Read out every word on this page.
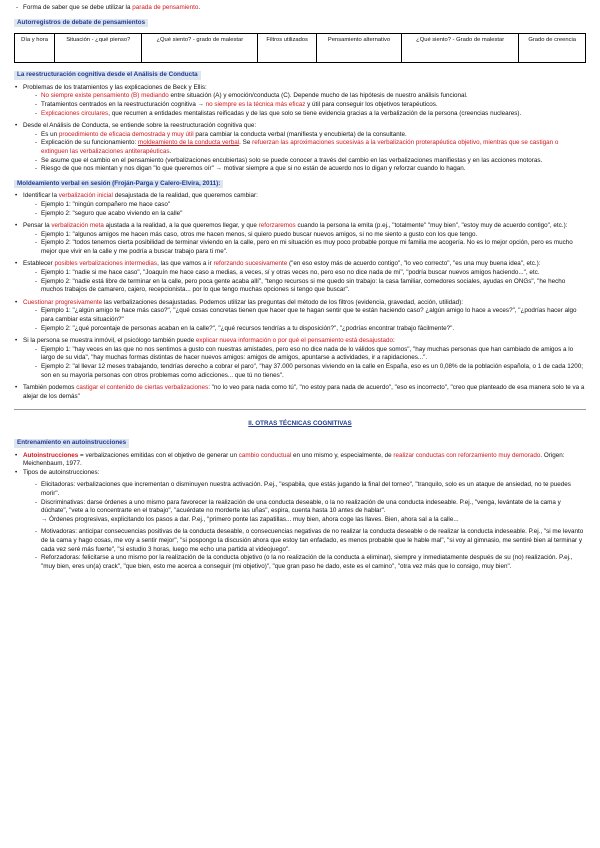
- Forma de saber que se debe utilizar la parada de pensamiento.
Autorregistros de debate de pensamientos
Día y hora	Situación - ¿qué pienso?	¿Qué siento? - grado de malestar	Filtros utilizados	Pensamiento alternativo	¿Qué siento? - Grado de malestar	Grado de creencia
La reestructuración cognitiva desde el Análisis de Conducta
• Problemas de los tratamientos y las explicaciones de Beck y Ellis:
- No siempre existe pensamiento (B) mediando entre situación (A) y emoción/conducta (C). Depende mucho de las hipótesis de nuestro análisis funcional.
- Tratamientos centrados en la reestructuración cognitiva → no siempre es la técnica más eficaz y útil para conseguir los objetivos terapéuticos.
- Explicaciones circulares, que recurren a entidades mentalistas reificadas y de las que solo se tiene evidencia gracias a la verbalización de la persona (creencias nucleares).
• Desde el Análisis de Conducta, se entiende sobre la reestructuración cognitiva que:
- Es un procedimiento de eficacia demostrada y muy útil para cambiar la conducta verbal (manifiesta y encubierta) de la consultante.
- Explicación de su funcionamiento: moldeamiento de la conducta verbal. Se refuerzan las aproximaciones sucesivas a la verbalización proterapéutica objetivo, mientras que se castigan o extinguen las verbalizaciones antiterapéuticas.
- Se asume que el cambio en el pensamiento (verbalizaciones encubiertas) solo se puede conocer a través del cambio en las verbalizaciones manifiestas y en las acciones motoras.
- Riesgo de que nos mientan y nos digan "lo que queremos oír" → motivar siempre a que si no están de acuerdo nos lo digan y reforzar cuando lo hagan.
Moldeamiento verbal en sesión (Froján-Parga y Calero-Elvira, 2011):
• Identificar la verbalización inicial desajustada de la realidad, que queremos cambiar:
- Ejemplo 1: "ningún compañero me hace caso"
- Ejemplo 2: "seguro que acabo viviendo en la calle"
• Pensar la verbalización meta ajustada a la realidad, a la que queremos llegar, y que reforzaremos cuando la persona la emita (p.ej., "totalmente" "muy bien", "estoy muy de acuerdo contigo", etc.):
- Ejemplo 1: "algunos amigos me hacen más caso, otros me hacen menos, si quiero puedo buscar nuevos amigos, si no me siento a gusto con los que tengo.
- Ejemplo 2: "todos tenemos cierta posibilidad de terminar viviendo en la calle, pero en mi situación es muy poco probable porque mi familia me acogería. No es lo mejor opción, pero es mucho mejor que vivir en la calle y me podría a buscar trabajo para ti me".
• Establecer posibles verbalizaciones intermedias, las que vamos a ir reforzando sucesivamente ("en eso estoy más de acuerdo contigo", "lo veo correcto", "es una muy buena idea", etc.):
- Ejemplo 1: "nadie si me hace caso", "Joaquín me hace caso a medias, a veces, sí y otras veces no, pero eso no dice nada de mí", "podría buscar nuevos amigos haciendo...", etc.
- Ejemplo 2: "nadie está libre de terminar en la calle, pero poca gente acaba allí", "tengo recursos si me quedo sin trabajo: la casa familiar, comedores sociales, ayudas en ONGs", "he hecho muchos trabajos de camarero, cajero, recepcionista... por lo que tengo muchas opciones si tengo que buscar".
• Cuestionar progresivamente las verbalizaciones desajustadas. Podemos utilizar las preguntas del método de los filtros (evidencia, gravedad, acción, utilidad):
- Ejemplo 1: "¿algún amigo te hace más caso?", "¿qué cosas concretas tienen que hacer que te hagan sentir que te están haciendo caso? ¿algún amigo lo hace a veces?", "¿podrías hacer algo para cambiar esta situación?"
- Ejemplo 2: "¿qué porcentaje de personas acaban en la calle?", "¿qué recursos tendrías a tu disposición?", "¿podrías encontrar trabajo fácilmente?".
• Si la persona se muestra inmóvil, el psicólogo también puede explicar nueva información o por qué el pensamiento está desajustado:
- Ejemplo 1: "hay veces en las que no nos sentimos a gusto con nuestras amistades, pero eso no dice nada de lo válidos que somos", "hay muchas personas que han cambiado de amigos a lo largo de su vida", "hay muchas formas distintas de hacer nuevos amigos: amigos de amigos, apuntarse a actividades, ir a rapidaciones...".
- Ejemplo 2: "al llevar 12 meses trabajando, tendrías derecho a cobrar el paro", "hay 37.000 personas viviendo en la calle en España, eso es un 0,08% de la población española, o 1 de cada 1200; son en su mayoría personas con otros problemas como adicciones... que tú no tienes".
• También podemos castigar el contenido de ciertas verbalizaciones: "no lo veo para nada como tú", "no estoy para nada de acuerdo", "eso es incorrecto", "creo que planteado de esa manera solo te va a alejar de los demás"
II. OTRAS TÉCNICAS COGNITIVAS
Entrenamiento en autoinstrucciones
• Autoinstrucciones = verbalizaciones emitidas con el objetivo de generar un cambio conductual en uno mismo y, especialmente, de realizar conductas con reforzamiento muy demorado. Origen: Meichenbaum, 1977.
• Tipos de autoinstrucciones:
- Elicitadoras: verbalizaciones que incrementan o disminuyen nuestra activación. P.ej., "espabila, que estás jugando la final del torneo", "tranquilo, solo es un ataque de ansiedad, no te puedes morir".
- Discriminativas: darse órdenes a uno mismo para favorecer la realización de una conducta deseable, o la no realización de una conducta indeseable. P.ej., "venga, levántate de la cama y dúchate", "vete a lo concentrarte en el trabajo", "acuérdate no morderte las uñas", espira, cuenta hasta 10 antes de hablar".
→ Órdenes progresivas, explicitando los pasos a dar. P.ej., "primero ponte las zapatillas... muy bien, ahora coge las llaves. Bien, ahora sal a la calle...
- Motivadoras: anticipar consecuencias positivas de la conducta deseable, o consecuencias negativas de no realizar la conducta deseable o de realizar la conducta indeseable. P.ej., "si me levanto de la cama y hago cosas, me voy a sentir mejor", "si pospongo la discusión ahora que estoy tan enfadado, es menos probable que le hable mal", "si voy al gimnasio, me sentiré bien al terminar y cada vez seré más fuerte", "si estudio 3 horas, luego me echo una partida al videojuego".
- Reforzadoras: felicitarse a uno mismo por la realización de la conducta objetivo (o la no realización de la conducta a eliminar), siempre y inmediatamente después de su (no) realización. P.ej., "muy bien, eres un(a) crack", "que bien, esto me acerca a conseguir (mi objetivo)", "que gran paso he dado, este es el camino", "otra vez más que lo consigo, muy bien".
